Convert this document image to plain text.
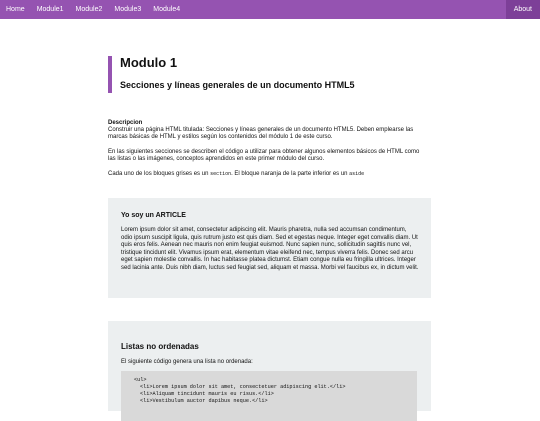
Home	Module1	Module2	Module3	Module4	About
Modulo 1
Secciones y líneas generales de un documento HTML5
Descripcion
Construir una página HTML titulada: Secciones y líneas generales de un documento HTML5. Deben emplearse las marcas básicas de HTML y estilos según los contenidos del módulo 1 de este curso.
En las siguientes secciones se describen el código a utilizar para obtener algunos elementos básicos de HTML como las listas o las imágenes, conceptos aprendidos en este primer módulo del curso.
Cada uno de los bloques grises es un section. El bloque naranja de la parte inferior es un aside
Yo soy un ARTICLE
Lorem ipsum dolor sit amet, consectetur adipiscing elit. Mauris pharetra, nulla sed accumsan condimentum, odio ipsum suscipit ligula, quis rutrum justo est quis diam. Sed et egestas neque. Integer eget convallis diam. Ut quis eros felis. Aenean nec mauris non enim feugiat euismod. Nunc sapien nunc, sollicitudin sagittis nunc vel, tristique tincidunt elit. Vivamus ipsum erat, elementum vitae eleifend nec, tempus viverra felis. Donec sed arcu eget sapien molestie convallis. In hac habitasse platea dictumst. Etiam congue nulla eu fringilla ultrices. Integer sed lacinia ante. Duis nibh diam, luctus sed feugiat sed, aliquam et massa. Morbi vel faucibus ex, in dictum velit.
Listas no ordenadas
El siguiente código genera una lista no ordenada:
<ul>
<li>Lorem ipsum dolor sit amet, consectetuer adipiscing elit.</li>
<li>Aliquam tincidunt mauris eu risus.</li>
<li>Vestibulum auctor dapibus neque.</li>
